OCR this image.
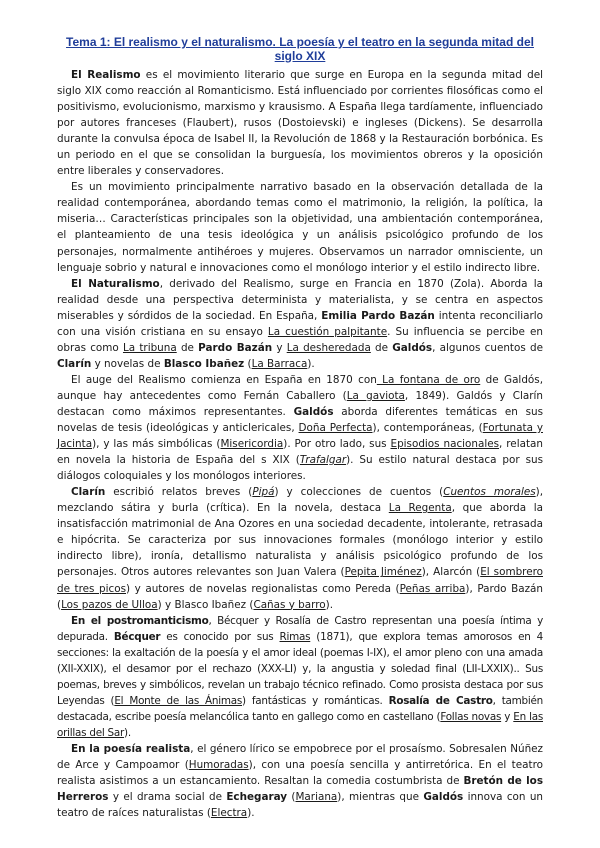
Tema 1: El realismo y el naturalismo. La poesía y el teatro en la segunda mitad del siglo XIX

El Realismo es el movimiento literario que surge en Europa en la segunda mitad del siglo XIX como reacción al Romanticismo. Está influenciado por corrientes filosóficas como el positivismo, evolucionismo, marxismo y krausismo. A España llega tardíamente, influenciado por autores franceses (Flaubert), rusos (Dostoievski) e ingleses (Dickens). Se desarrolla durante la convulsa época de Isabel II, la Revolución de 1868 y la Restauración borbónica. Es un periodo en el que se consolidan la burguesía, los movimientos obreros y la oposición entre liberales y conservadores.

Es un movimiento principalmente narrativo basado en la observación detallada de la realidad contemporánea, abordando temas como el matrimonio, la religión, la política, la miseria… Características principales son la objetividad, una ambientación contemporánea, el planteamiento de una tesis ideológica y un análisis psicológico profundo de los personajes, normalmente antihéroes y mujeres. Observamos un narrador omnisciente, un lenguaje sobrio y natural e innovaciones como el monólogo interior y el estilo indirecto libre.

El Naturalismo, derivado del Realismo, surge en Francia en 1870 (Zola). Aborda la realidad desde una perspectiva determinista y materialista, y se centra en aspectos miserables y sórdidos de la sociedad. En España, Emilia Pardo Bazán intenta reconciliarlo con una visión cristiana en su ensayo La cuestión palpitante. Su influencia se percibe en obras como La tribuna de Pardo Bazán y La desheredada de Galdós, algunos cuentos de Clarín y novelas de Blasco Ibañez (La Barraca).

El auge del Realismo comienza en España en 1870 con La fontana de oro de Galdós, aunque hay antecedentes como Fernán Caballero (La gaviota, 1849). Galdós y Clarín destacan como máximos representantes. Galdós aborda diferentes temáticas en sus novelas de tesis (ideológicas y anticlericales, Doña Perfecta), contemporáneas, (Fortunata y Jacinta), y las más simbólicas (Misericordia). Por otro lado, sus Episodios nacionales, relatan en novela la historia de España del s XIX (Trafalgar). Su estilo natural destaca por sus diálogos coloquiales y los monólogos interiores.

Clarín escribió relatos breves (Pipá) y colecciones de cuentos (Cuentos morales), mezclando sátira y burla (crítica). En la novela, destaca La Regenta, que aborda la insatisfacción matrimonial de Ana Ozores en una sociedad decadente, intolerante, retrasada e hipócrita. Se caracteriza por sus innovaciones formales (monólogo interior y estilo indirecto libre), ironía, detallismo naturalista y análisis psicológico profundo de los personajes. Otros autores relevantes son Juan Valera (Pepita Jiménez), Alarcón (El sombrero de tres picos) y autores de novelas regionalistas como Pereda (Peñas arriba), Pardo Bazán (Los pazos de Ulloa) y Blasco Ibañez (Cañas y barro).

En el postromanticismo, Bécquer y Rosalía de Castro representan una poesía íntima y depurada. Bécquer es conocido por sus Rimas (1871), que explora temas amorosos en 4 secciones: la exaltación de la poesía y el amor ideal (poemas I-IX), el amor pleno con una amada (XII-XXIX), el desamor por el rechazo (XXX-LI) y, la angustia y soledad final (LII-LXXIX).. Sus poemas, breves y simbólicos, revelan un trabajo técnico refinado. Como prosista destaca por sus Leyendas (El Monte de las Ánimas) fantásticas y románticas. Rosalía de Castro, también destacada, escribe poesía melancólica tanto en gallego como en castellano (Follas novas y En las orillas del Sar).

En la poesía realista, el género lírico se empobrece por el prosaísmo. Sobresalen Núñez de Arce y Campoamor (Humoradas), con una poesía sencilla y antirretórica. En el teatro realista asistimos a un estancamiento. Resaltan la comedia costumbrista de Bretón de los Herreros y el drama social de Echegaray (Mariana), mientras que Galdós innova con un teatro de raíces naturalistas (Electra).
